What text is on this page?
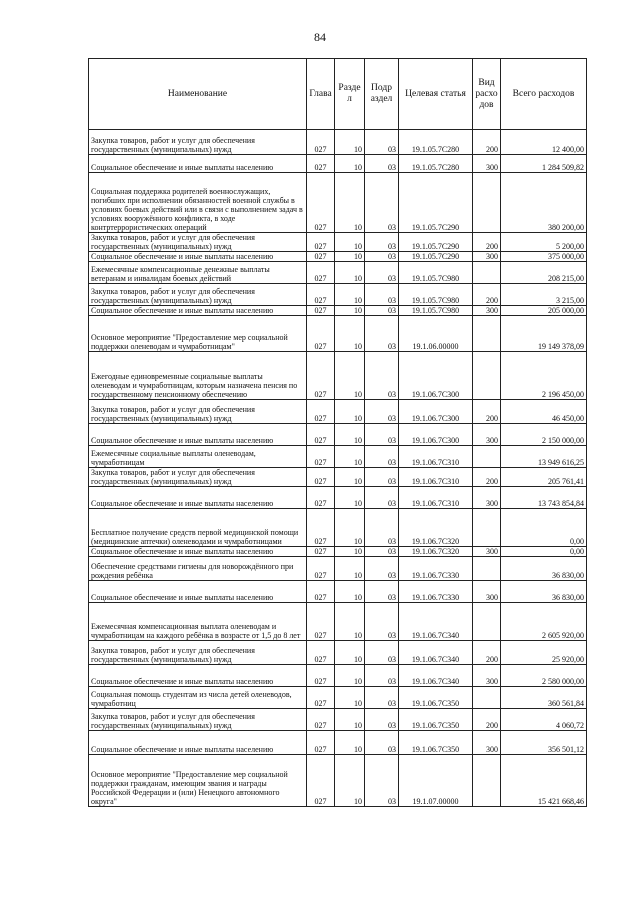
84
Наименование	Глава	Разде л	Подр аздел	Целевая статья	Вид расхо дов	Всего расходов
Закупка товаров, работ и услуг для обеспечения государственных (муниципальных) нужд	027	10	03	19.1.05.7С280	200	12 400,00
Социальное обеспечение и иные выплаты населению	027	10	03	19.1.05.7С280	300	1 284 509,82
Социальная поддержка родителей военнослужащих, погибших при исполнении обязанностей военной службы в условиях боевых действий или в связи с выполнением задач в условиях вооружённого конфликта, в ходе контртеррористических операций	027	10	03	19.1.05.7С290		380 200,00
Закупка товаров, работ и услуг для обеспечения государственных (муниципальных) нужд	027	10	03	19.1.05.7С290	200	5 200,00
Социальное обеспечение и иные выплаты населению	027	10	03	19.1.05.7С290	300	375 000,00
Ежемесячные компенсационные денежные выплаты ветеранам и инвалидам боевых действий	027	10	03	19.1.05.7С980		208 215,00
Закупка товаров, работ и услуг для обеспечения государственных (муниципальных) нужд	027	10	03	19.1.05.7С980	200	3 215,00
Социальное обеспечение и иные выплаты населению	027	10	03	19.1.05.7С980	300	205 000,00
Основное мероприятие "Предоставление мер социальной поддержки оленеводам и чумработницам"	027	10	03	19.1.06.00000		19 149 378,09
Ежегодные единовременные социальные выплаты оленеводам и чумработницам, которым назначена пенсия по государственному пенсионному обеспечению	027	10	03	19.1.06.7С300		2 196 450,00
Закупка товаров, работ и услуг для обеспечения государственных (муниципальных) нужд	027	10	03	19.1.06.7С300	200	46 450,00
Социальное обеспечение и иные выплаты населению	027	10	03	19.1.06.7С300	300	2 150 000,00
Ежемесячные социальные выплаты оленеводам, чумработницам	027	10	03	19.1.06.7С310		13 949 616,25
Закупка товаров, работ и услуг для обеспечения государственных (муниципальных) нужд	027	10	03	19.1.06.7С310	200	205 761,41
Социальное обеспечение и иные выплаты населению	027	10	03	19.1.06.7С310	300	13 743 854,84
Бесплатное получение средств первой медицинской помощи (медицинские аптечки) оленеводами и чумработницами	027	10	03	19.1.06.7С320		0,00
Социальное обеспечение и иные выплаты населению	027	10	03	19.1.06.7С320	300	0,00
Обеспечение средствами гигиены для новорождённого при рождения ребёнка	027	10	03	19.1.06.7С330		36 830,00
Социальное обеспечение и иные выплаты населению	027	10	03	19.1.06.7С330	300	36 830,00
Ежемесячная компенсационная выплата оленеводам и чумработницам на каждого ребёнка в возрасте от 1,5 до 8 лет	027	10	03	19.1.06.7С340		2 605 920,00
Закупка товаров, работ и услуг для обеспечения государственных (муниципальных) нужд	027	10	03	19.1.06.7С340	200	25 920,00
Социальное обеспечение и иные выплаты населению	027	10	03	19.1.06.7С340	300	2 580 000,00
Социальная помощь студентам из числа детей оленеводов, чумработниц	027	10	03	19.1.06.7С350		360 561,84
Закупка товаров, работ и услуг для обеспечения государственных (муниципальных) нужд	027	10	03	19.1.06.7С350	200	4 060,72
Социальное обеспечение и иные выплаты населению	027	10	03	19.1.06.7С350	300	356 501,12
Основное мероприятие "Предоставление мер социальной поддержки гражданам, имеющим звания и награды Российской Федерации и (или) Ненецкого автономного округа"	027	10	03	19.1.07.00000		15 421 668,46
